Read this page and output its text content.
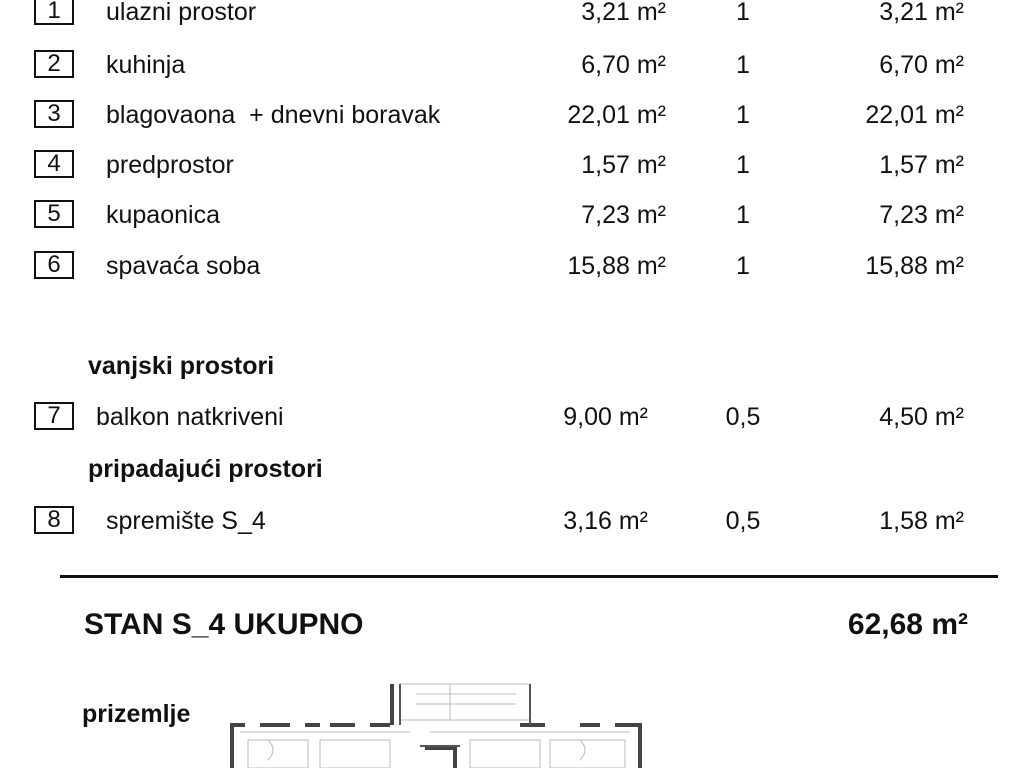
1	ulazni prostor	3,21 m²	1	3,21 m²
2	kuhinja	6,70 m²	1	6,70 m²
3	blagovaona  + dnevni boravak	22,01 m²	1	22,01 m²
4	predprostor	1,57 m²	1	1,57 m²
5	kupaonica	7,23 m²	1	7,23 m²
6	spavaća soba	15,88 m²	1	15,88 m²
vanjski prostori
7	balkon natkriveni	9,00 m²	0,5	4,50 m²
pripadajući prostori
8	spremište S_4	3,16 m²	0,5	1,58 m²
STAN S_4 UKUPNO	62,68 m²
prizemlje
